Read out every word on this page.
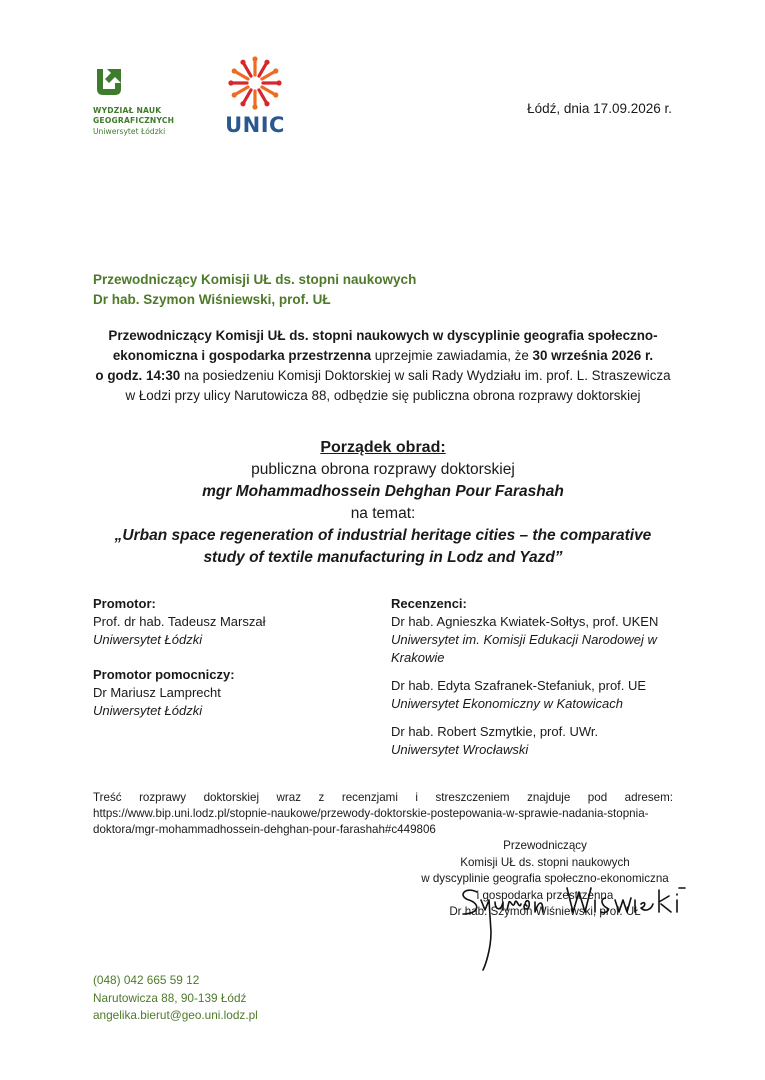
WYDZIAŁ NAUK
GEOGRAFICZNYCH
Uniwersytet Łódzki	UNIC
Łódź, dnia 17.09.2026 r.
Przewodniczący Komisji UŁ ds. stopni naukowych
Dr hab. Szymon Wiśniewski, prof. UŁ
Przewodniczący Komisji UŁ ds. stopni naukowych w dyscyplinie geografia społeczno-ekonomiczna i gospodarka przestrzenna uprzejmie zawiadamia, że 30 września 2026 r.
o godz. 14:30 na posiedzeniu Komisji Doktorskiej w sali Rady Wydziału im. prof. L. Straszewicza w Łodzi przy ulicy Narutowicza 88, odbędzie się publiczna obrona rozprawy doktorskiej
Porządek obrad:
publiczna obrona rozprawy doktorskiej
mgr Mohammadhossein Dehghan Pour Farashah
na temat:
„Urban space regeneration of industrial heritage cities – the comparative study of textile manufacturing in Lodz and Yazd”
Promotor:
Prof. dr hab. Tadeusz Marszał
Uniwersytet Łódzki
Promotor pomocniczy:
Dr Mariusz Lamprecht
Uniwersytet Łódzki
Recenzenci:
Dr hab. Agnieszka Kwiatek-Sołtys, prof. UKEN
Uniwersytet im. Komisji Edukacji Narodowej w Krakowie
Dr hab. Edyta Szafranek-Stefaniuk, prof. UE
Uniwersytet Ekonomiczny w Katowicach
Dr hab. Robert Szmytkie, prof. UWr.
Uniwersytet Wrocławski
Treść rozprawy doktorskiej wraz z recenzjami i streszczeniem znajduje pod adresem: https://www.bip.uni.lodz.pl/stopnie-naukowe/przewody-doktorskie-postepowania-w-sprawie-nadania-stopnia-doktora/mgr-mohammadhossein-dehghan-pour-farashah#c449806
Przewodniczący
Komisji UŁ ds. stopni naukowych
w dyscyplinie geografia społeczno-ekonomiczna
i gospodarka przestrzenna
Dr hab. Szymon Wiśniewski, prof. UŁ
(048) 042 665 59 12
Narutowicza 88, 90-139 Łódź
angelika.bierut@geo.uni.lodz.pl
